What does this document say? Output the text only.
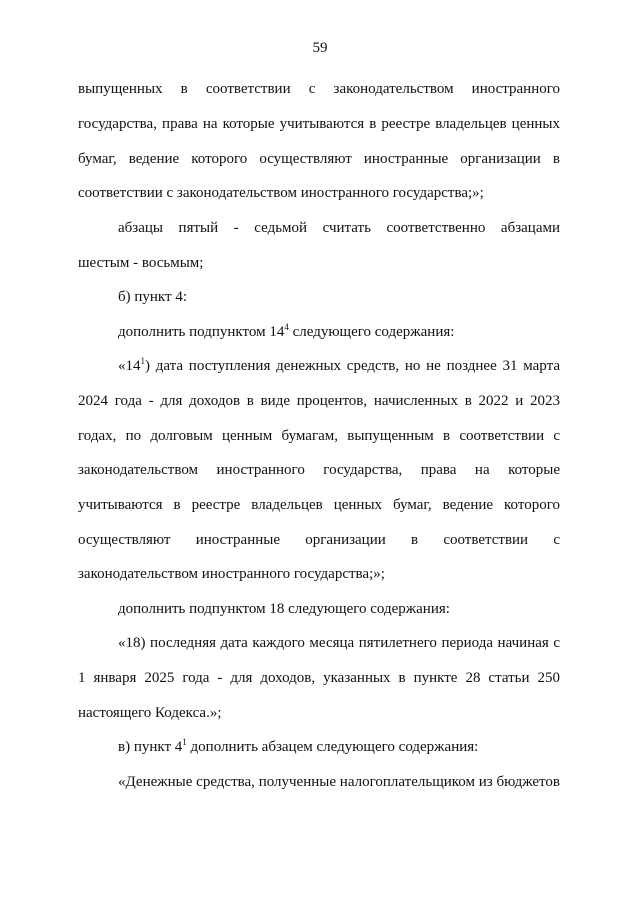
59
выпущенных в соответствии с законодательством иностранного
государства, права на которые учитываются в реестре владельцев ценных
бумаг, ведение которого осуществляют иностранные организации в
соответствии с законодательством иностранного государства;»;
абзацы пятый - седьмой считать соответственно абзацами
шестым - восьмым;
б) пункт 4:
дополнить подпунктом $14^4$ следующего содержания:
«$14^1$) дата поступления денежных средств, но не позднее 31 марта
2024 года - для доходов в виде процентов, начисленных в 2022 и 2023
годах, по долговым ценным бумагам, выпущенным в соответствии с
законодательством иностранного государства, права на которые
учитываются в реестре владельцев ценных бумаг, ведение которого
осуществляют иностранные организации в соответствии с
законодательством иностранного государства;»;
дополнить подпунктом 18 следующего содержания:
«18) последняя дата каждого месяца пятилетнего периода начиная с
1 января 2025 года - для доходов, указанных в пункте 28 статьи 250
настоящего Кодекса.»;
в) пункт $4^1$ дополнить абзацем следующего содержания:
«Денежные средства, полученные налогоплательщиком из бюджетов
